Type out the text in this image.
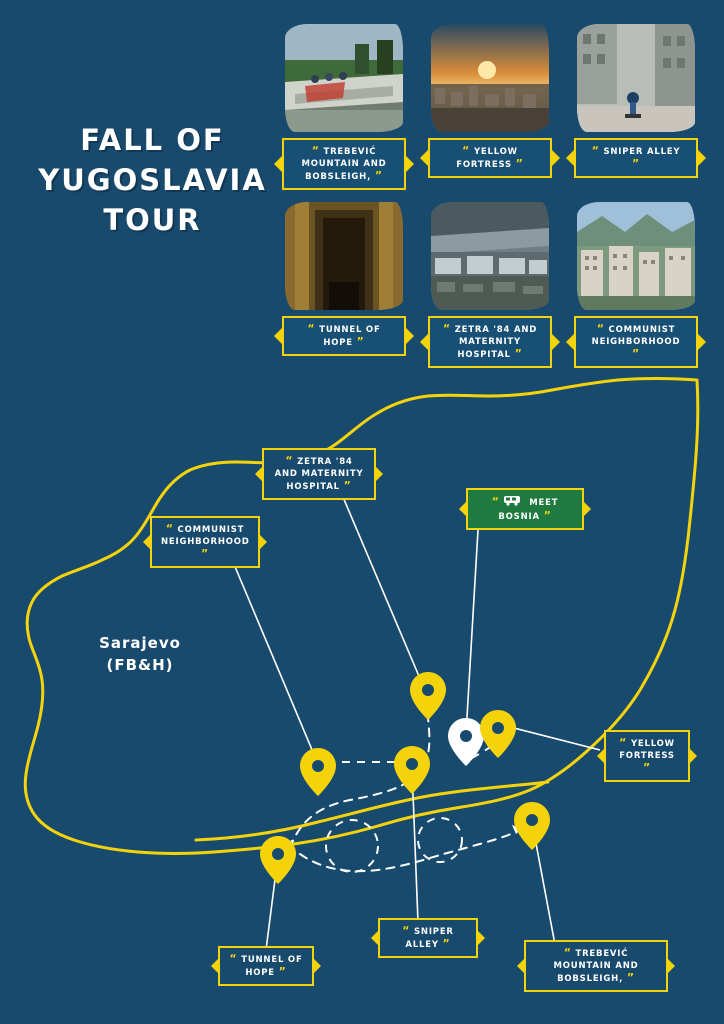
FALL OF
YUGOSLAVIA
TOUR
“ TREBEVIĆ MOUNTAIN AND BOBSLEIGH, ”
“ YELLOW FORTRESS ”
“ SNIPER ALLEY ”
“ TUNNEL OF HOPE ”
“ ZETRA '84 AND MATERNITY HOSPITAL ”
“ COMMUNIST NEIGHBORHOOD ”
Sarajevo
(FB&H)
“ ZETRA '84 AND MATERNITY HOSPITAL ”
“	MEET BOSNIA ”
“ COMMUNIST NEIGHBORHOOD ”
“ YELLOW FORTRESS ”
“ TUNNEL OF HOPE ”
“ SNIPER ALLEY ”
“ TREBEVIĆ MOUNTAIN AND BOBSLEIGH, ”
